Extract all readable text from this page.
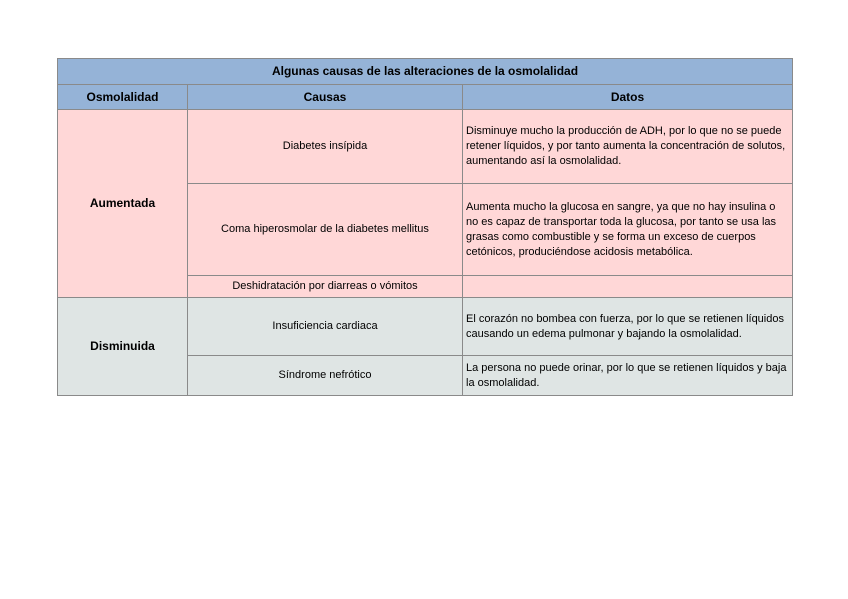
Algunas causas de las alteraciones de la osmolalidad		
Osmolalidad	Causas	Datos
Aumentada	Diabetes insípida	Disminuye mucho la producción de ADH, por lo que no se puede retener líquidos, y por tanto aumenta la concentración de solutos, aumentando así la osmolalidad.
	Coma hiperosmolar de la diabetes mellitus	Aumenta mucho la glucosa en sangre, ya que no hay insulina o no es capaz de transportar toda la glucosa, por tanto se usa las grasas como combustible y se forma un exceso de cuerpos cetónicos, produciéndose acidosis metabólica.
	Deshidratación por diarreas o vómitos	
Disminuida	Insuficiencia cardiaca	El corazón no bombea con fuerza, por lo que se retienen líquidos causando un edema pulmonar y bajando la osmolalidad.
	Síndrome nefrótico	La persona no puede orinar, por lo que se retienen líquidos y baja la osmolalidad.
